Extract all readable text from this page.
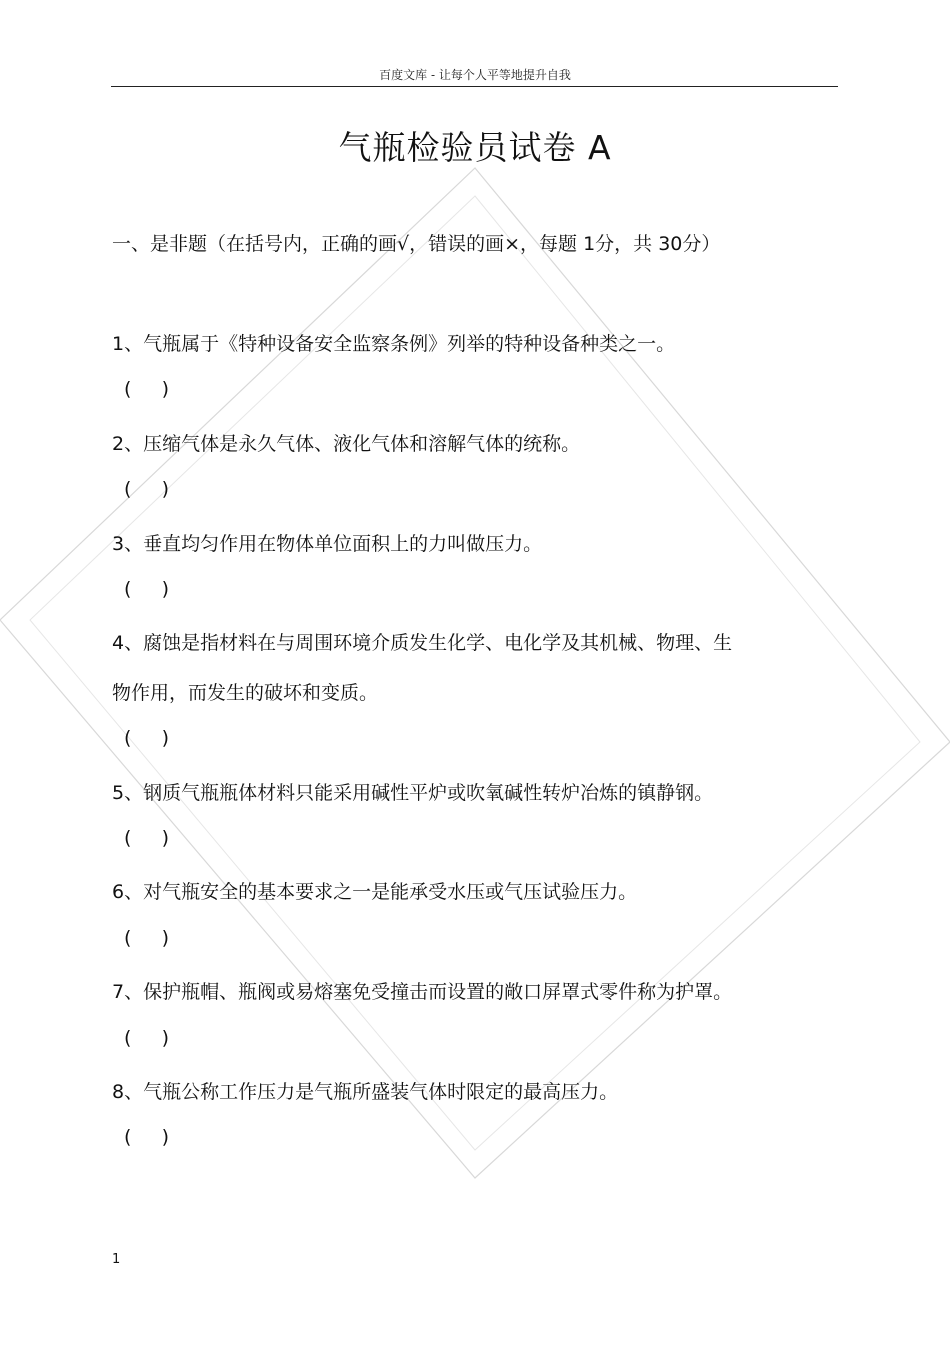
百度文库 - 让每个人平等地提升自我
气瓶检验员试卷 A
一、是非题（在括号内，正确的画√，错误的画×，每题 1分，共 30分）
1、气瓶属于《特种设备安全监察条例》列举的特种设备种类之一。
(     )
2、压缩气体是永久气体、液化气体和溶解气体的统称。
(     )
3、垂直均匀作用在物体单位面积上的力叫做压力。
(     )
4、腐蚀是指材料在与周围环境介质发生化学、电化学及其机械、物理、生
物作用，而发生的破坏和变质。
(     )
5、钢质气瓶瓶体材料只能采用碱性平炉或吹氧碱性转炉冶炼的镇静钢。
(     )
6、对气瓶安全的基本要求之一是能承受水压或气压试验压力。
(     )
7、保护瓶帽、瓶阀或易熔塞免受撞击而设置的敞口屏罩式零件称为护罩。
(     )
8、气瓶公称工作压力是气瓶所盛装气体时限定的最高压力。
(     )
1
